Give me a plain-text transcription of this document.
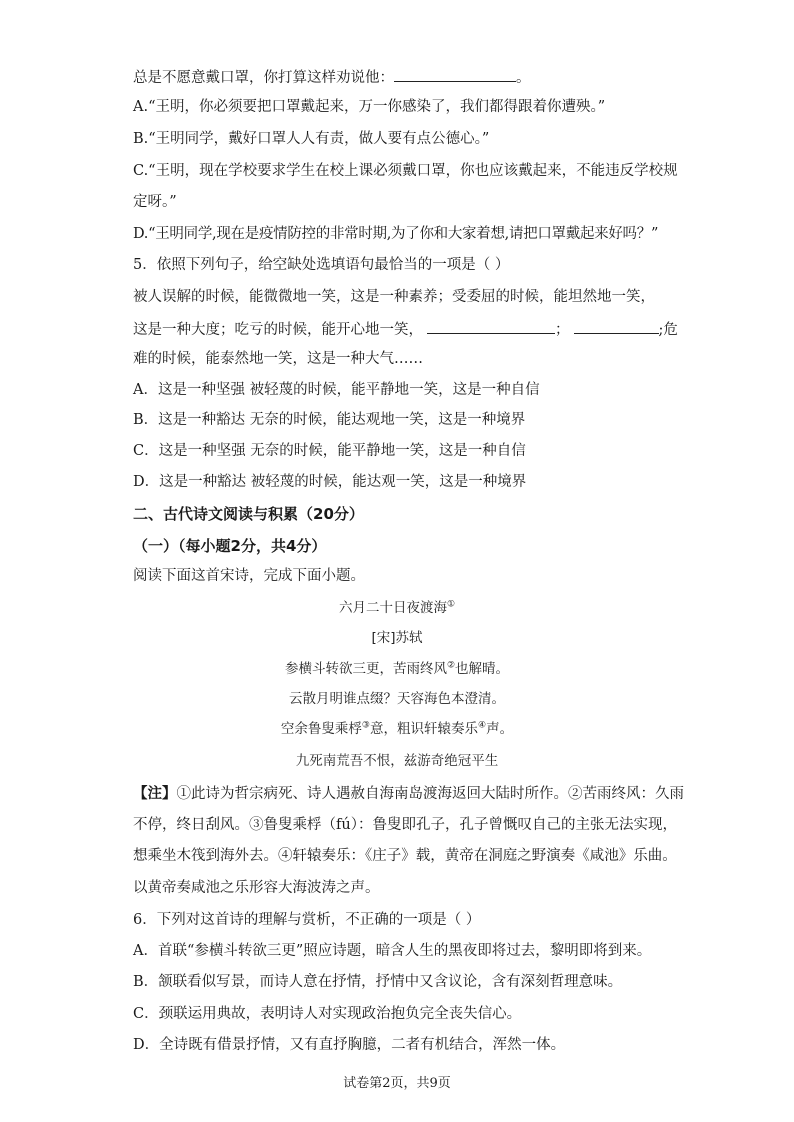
总是不愿意戴口罩，你打算这样劝说他：	。
A.“王明，你必须要把口罩戴起来，万一你感染了，我们都得跟着你遭殃。”
B.“王明同学，戴好口罩人人有责，做人要有点公德心。”
C.“王明，现在学校要求学生在校上课必须戴口罩，你也应该戴起来，不能违反学校规
定呀。”
D.“王明同学,现在是疫情防控的非常时期,为了你和大家着想,请把口罩戴起来好吗？”
5．依照下列句子，给空缺处选填语句最恰当的一项是（ ）
被人误解的时候，能微微地一笑，这是一种素养；受委屈的时候，能坦然地一笑，
这是一种大度；吃亏的时候，能开心地一笑，	；	;危
难的时候，能泰然地一笑，这是一种大气……
A．这是一种坚强 被轻蔑的时候，能平静地一笑，这是一种自信
B．这是一种豁达 无奈的时候，能达观地一笑，这是一种境界
C．这是一种坚强 无奈的时候，能平静地一笑，这是一种自信
D．这是一种豁达 被轻蔑的时候，能达观一笑，这是一种境界
二、古代诗文阅读与积累（20分）
（一）（每小题2分，共4分）
阅读下面这首宋诗，完成下面小题。
六月二十日夜渡海①
[宋]苏轼
参横斗转欲三更，苦雨终风②也解晴。
云散月明谁点缀？天容海色本澄清。
空余鲁叟乘桴③意，粗识轩辕奏乐④声。
九死南荒吾不恨，兹游奇绝冠平生
【注】①此诗为哲宗病死、诗人遇赦自海南岛渡海返回大陆时所作。②苦雨终风：久雨
不停，终日刮风。③鲁叟乘桴（fú）：鲁叟即孔子，孔子曾慨叹自己的主张无法实现，
想乘坐木筏到海外去。④轩辕奏乐：《庄子》载，黄帝在洞庭之野演奏《咸池》乐曲。
以黄帝奏咸池之乐形容大海波涛之声。
6．下列对这首诗的理解与赏析，不正确的一项是（ ）
A．首联“参横斗转欲三更”照应诗题，暗含人生的黑夜即将过去，黎明即将到来。
B．颔联看似写景，而诗人意在抒情，抒情中又含议论，含有深刻哲理意味。
C．颈联运用典故，表明诗人对实现政治抱负完全丧失信心。
D．全诗既有借景抒情，又有直抒胸臆，二者有机结合，浑然一体。
试卷第2页，共9页
